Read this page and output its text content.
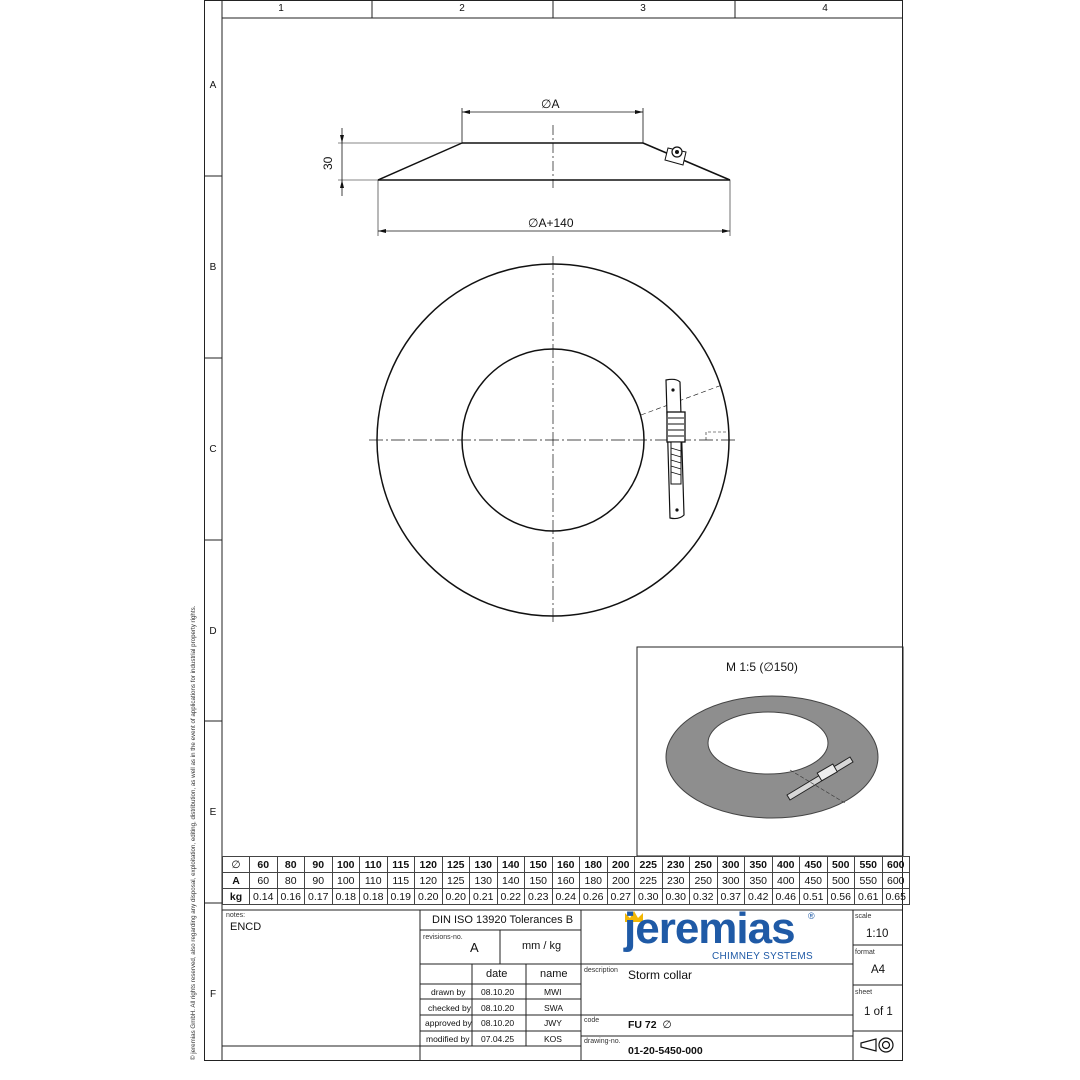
1	2	3	4
A
B
C
D
E
F
© jeremias GmbH. All rights reserved, also regarding any disposal, exploitation, editing, distribution, as well as in the event of applications for industrial property rights.
∅A
30
∅A+140
M 1:5 (∅150)
∅	60	80	90	100	110	115	120	125	130	140	150	160	180	200	225	230	250	300	350	400	450	500	550	600
A	60	80	90	100	110	115	120	125	130	140	150	160	180	200	225	230	250	300	350	400	450	500	550	600
kg	0.14	0.16	0.17	0.18	0.18	0.19	0.20	0.20	0.21	0.22	0.23	0.24	0.26	0.27	0.30	0.30	0.32	0.37	0.42	0.46	0.51	0.56	0.61	0.65
notes:
ENCD
DIN ISO 13920 Tolerances B
revisions-no.
A	mm / kg
date	name
drawn by 08.10.20	MWI
checked by 08.10.20	SWA
approved by 08.10.20	JWY
modified by 07.04.25	KOS
jeremias ®
CHIMNEY SYSTEMS
description Storm collar
code	FU 72 ∅
drawing-no.
01-20-5450-000
scale
1:10
format
A4
sheet
1 of 1
